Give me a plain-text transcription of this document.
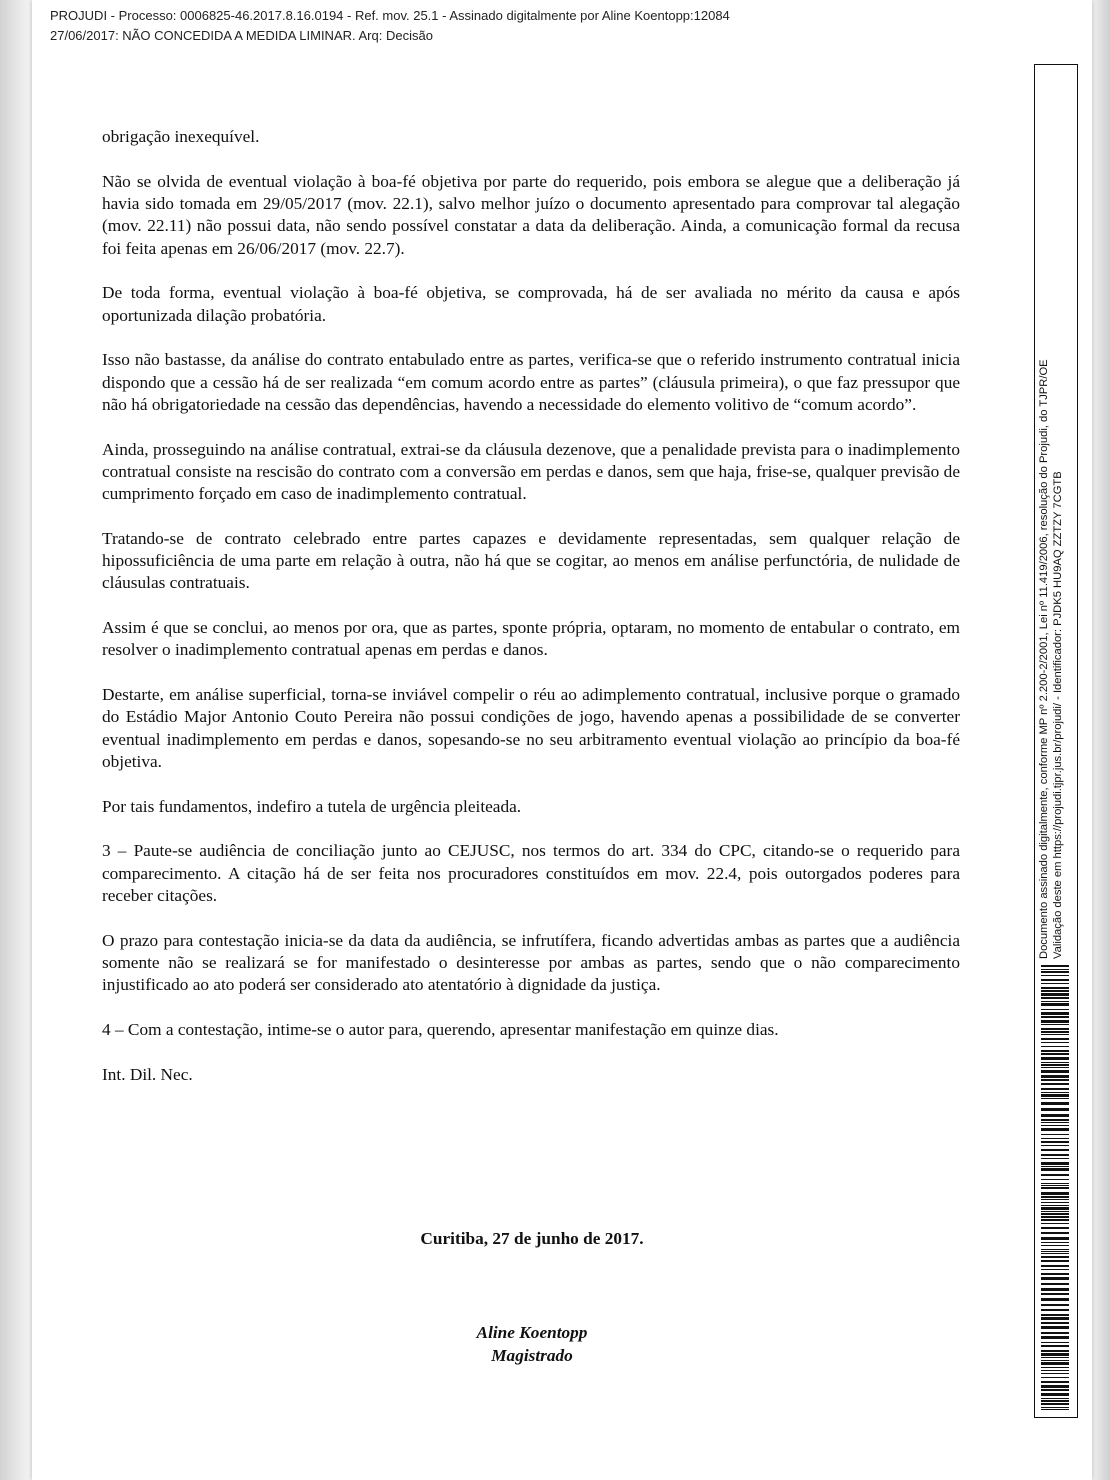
PROJUDI - Processo: 0006825-46.2017.8.16.0194 - Ref. mov. 25.1 - Assinado digitalmente por Aline Koentopp:12084
27/06/2017: NÃO CONCEDIDA A MEDIDA LIMINAR. Arq: Decisão

obrigação inexequível.

Não se olvida de eventual violação à boa-fé objetiva por parte do requerido, pois embora se alegue que a deliberação já havia sido tomada em 29/05/2017 (mov. 22.1), salvo melhor juízo o documento apresentado para comprovar tal alegação (mov. 22.11) não possui data, não sendo possível constatar a data da deliberação. Ainda, a comunicação formal da recusa foi feita apenas em 26/06/2017 (mov. 22.7).

De toda forma, eventual violação à boa-fé objetiva, se comprovada, há de ser avaliada no mérito da causa e após oportunizada dilação probatória.

Isso não bastasse, da análise do contrato entabulado entre as partes, verifica-se que o referido instrumento contratual inicia dispondo que a cessão há de ser realizada “em comum acordo entre as partes” (cláusula primeira), o que faz pressupor que não há obrigatoriedade na cessão das dependências, havendo a necessidade do elemento volitivo de “comum acordo”.

Ainda, prosseguindo na análise contratual, extrai-se da cláusula dezenove, que a penalidade prevista para o inadimplemento contratual consiste na rescisão do contrato com a conversão em perdas e danos, sem que haja, frise-se, qualquer previsão de cumprimento forçado em caso de inadimplemento contratual.

Tratando-se de contrato celebrado entre partes capazes e devidamente representadas, sem qualquer relação de hipossuficiência de uma parte em relação à outra, não há que se cogitar, ao menos em análise perfunctória, de nulidade de cláusulas contratuais.

Assim é que se conclui, ao menos por ora, que as partes, sponte própria, optaram, no momento de entabular o contrato, em resolver o inadimplemento contratual apenas em perdas e danos.

Destarte, em análise superficial, torna-se inviável compelir o réu ao adimplemento contratual, inclusive porque o gramado do Estádio Major Antonio Couto Pereira não possui condições de jogo, havendo apenas a possibilidade de se converter eventual inadimplemento em perdas e danos, sopesando-se no seu arbitramento eventual violação ao princípio da boa-fé objetiva.

Por tais fundamentos, indefiro a tutela de urgência pleiteada.

3 – Paute-se audiência de conciliação junto ao CEJUSC, nos termos do art. 334 do CPC, citando-se o requerido para comparecimento. A citação há de ser feita nos procuradores constituídos em mov. 22.4, pois outorgados poderes para receber citações.

O prazo para contestação inicia-se da data da audiência, se infrutífera, ficando advertidas ambas as partes que a audiência somente não se realizará se for manifestado o desinteresse por ambas as partes, sendo que o não comparecimento injustificado ao ato poderá ser considerado ato atentatório à dignidade da justiça.

4 – Com a contestação, intime-se o autor para, querendo, apresentar manifestação em quinze dias.

Int. Dil. Nec.

Curitiba, 27 de junho de 2017.
Aline Koentopp
Magistrado
Documento assinado digitalmente, conforme MP nº 2.200-2/2001, Lei nº 11.419/2006, resolução do Projudi, do TJPR/OE Validação deste em https://projudi.tjpr.jus.br/projudi/ - Identificador: PJDK5 HU9AQ ZZTZY 7CGTB
